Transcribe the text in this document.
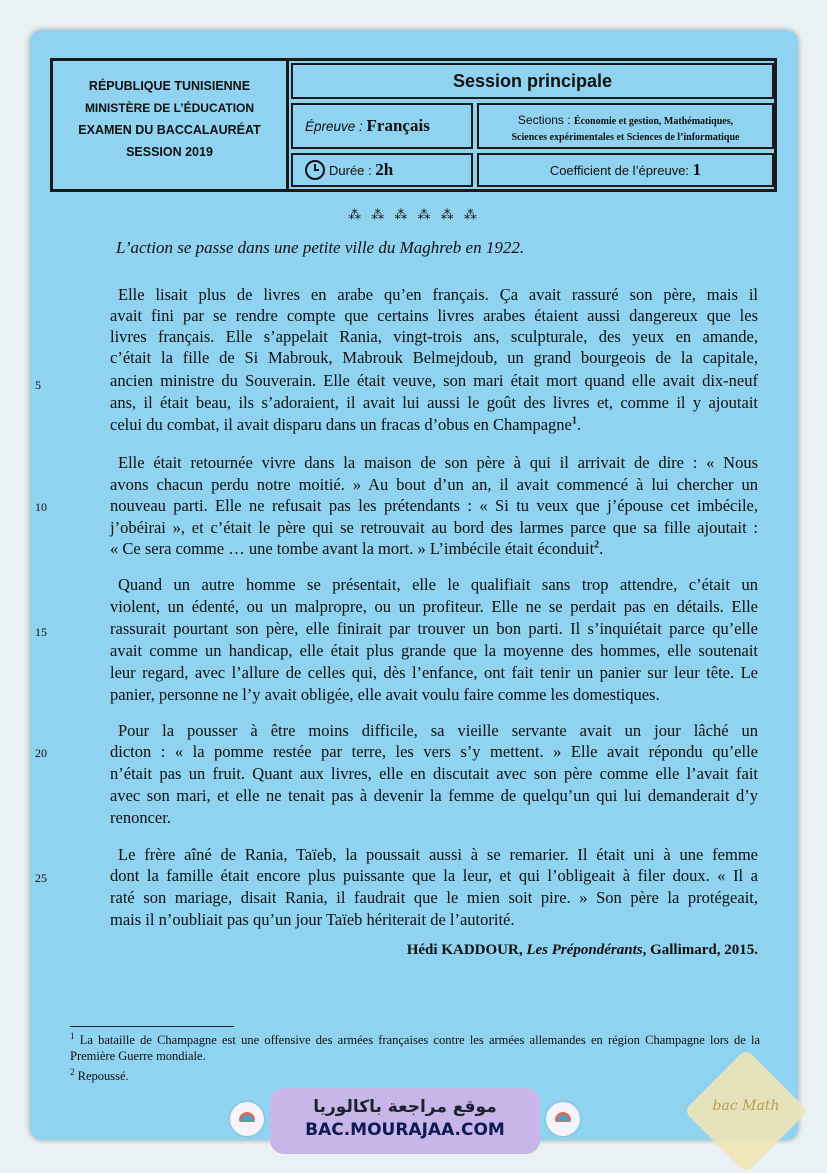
RÉPUBLIQUE TUNISIENNE
MINISTÈRE DE L’ÉDUCATION
EXAMEN DU BACCALAURÉAT
SESSION 2019
Session principale
Épreuve : Français	Sections : Économie et gestion, Mathématiques,
Sciences expérimentales et Sciences de l’informatique
Durée : 2h	Coefficient de l’épreuve: 1
⁂ ⁂ ⁂ ⁂ ⁂ ⁂
L’action se passe dans une petite ville du Maghreb en 1922.
Elle lisait plus de livres en arabe qu’en français. Ça avait rassuré son père, mais il
avait fini par se rendre compte que certains livres arabes étaient aussi dangereux que les
livres français. Elle s’appelait Rania, vingt-trois ans, sculpturale, des yeux en amande,
c’était la fille de Si Mabrouk, Mabrouk Belmejdoub, un grand bourgeois de la capitale,
5	ancien ministre du Souverain. Elle était veuve, son mari était mort quand elle avait dix-neuf
ans, il était beau, ils s’adoraient, il avait lui aussi le goût des livres et, comme il y ajoutait
celui du combat, il avait disparu dans un fracas d’obus en Champagne$^1$.
Elle était retournée vivre dans la maison de son père à qui il arrivait de dire : « Nous
avons chacun perdu notre moitié. » Au bout d’un an, il avait commencé à lui chercher un
10	nouveau parti. Elle ne refusait pas les prétendants : « Si tu veux que j’épouse cet imbécile,
j’obéirai », et c’était le père qui se retrouvait au bord des larmes parce que sa fille ajoutait :
« Ce sera comme … une tombe avant la mort. » L’imbécile était éconduit$^2$.
Quand un autre homme se présentait, elle le qualifiait sans trop attendre, c’était un
violent, un édenté, ou un malpropre, ou un profiteur. Elle ne se perdait pas en détails. Elle
15	rassurait pourtant son père, elle finirait par trouver un bon parti. Il s’inquiétait parce qu’elle
avait comme un handicap, elle était plus grande que la moyenne des hommes, elle soutenait
leur regard, avec l’allure de celles qui, dès l’enfance, ont fait tenir un panier sur leur tête. Le
panier, personne ne l’y avait obligée, elle avait voulu faire comme les domestiques.
Pour la pousser à être moins difficile, sa vieille servante avait un jour lâché un
20	dicton : « la pomme restée par terre, les vers s’y mettent. » Elle avait répondu qu’elle
n’était pas un fruit. Quant aux livres, elle en discutait avec son père comme elle l’avait fait
avec son mari, et elle ne tenait pas à devenir la femme de quelqu’un qui lui demanderait d’y
renoncer.
Le frère aîné de Rania, Taïeb, la poussait aussi à se remarier. Il était uni à une femme
25	dont la famille était encore plus puissante que la leur, et qui l’obligeait à filer doux. « Il a
raté son mariage, disait Rania, il faudrait que le mien soit pire. » Son père la protégeait,
mais il n’oubliait pas qu’un jour Taïeb hériterait de l’autorité.
Hédi KADDOUR, Les Prépondérants, Gallimard, 2015.
$^1$ La bataille de Champagne est une offensive des armées françaises contre les armées allemandes en région Champagne lors de la Première Guerre mondiale.
$^2$ Repoussé.
موقع مراجعة باكالوريا
BAC.MOURAJAA.COM
bac Math
